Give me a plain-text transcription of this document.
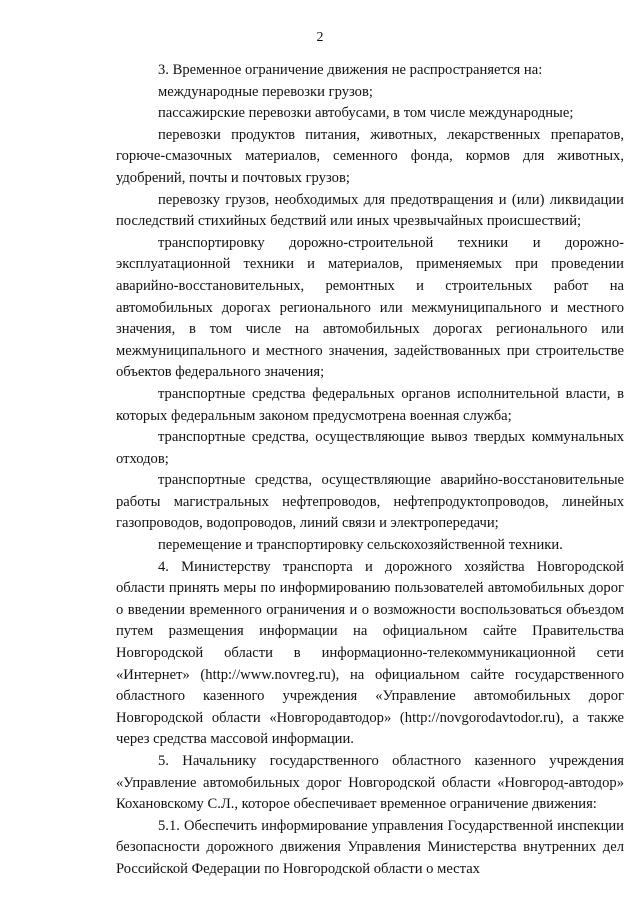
2

3. Временное ограничение движения не распространяется на:

международные перевозки грузов;

пассажирские перевозки автобусами, в том числе международные;

перевозки продуктов питания, животных, лекарственных препаратов, горюче-смазочных материалов, семенного фонда, кормов для животных, удобрений, почты и почтовых грузов;

перевозку грузов, необходимых для предотвращения и (или) ликвидации последствий стихийных бедствий или иных чрезвычайных происшествий;

транспортировку дорожно-строительной техники и дорожно-эксплуатационной техники и материалов, применяемых при проведении аварийно-восстановительных, ремонтных и строительных работ на автомобильных дорогах регионального или межмуниципального и местного значения, в том числе на автомобильных дорогах регионального или межмуниципального и местного значения, задействованных при строительстве объектов федерального значения;

транспортные средства федеральных органов исполнительной власти, в которых федеральным законом предусмотрена военная служба;

транспортные средства, осуществляющие вывоз твердых коммунальных отходов;

транспортные средства, осуществляющие аварийно-восстановительные работы магистральных нефтепроводов, нефтепродуктопроводов, линейных газопроводов, водопроводов, линий связи и электропередачи;

перемещение и транспортировку сельскохозяйственной техники.

4. Министерству транспорта и дорожного хозяйства Новгородской области принять меры по информированию пользователей автомобильных дорог о введении временного ограничения и о возможности воспользоваться объездом путем размещения информации на официальном сайте Правительства Новгородской области в информационно-телекоммуникационной сети «Интернет» (http://www.novreg.ru), на официальном сайте государственного областного казенного учреждения «Управление автомобильных дорог Новгородской области «Новгородавтодор» (http://novgorodavtodor.ru), а также через средства массовой информации.

5. Начальнику государственного областного казенного учреждения «Управление автомобильных дорог Новгородской области «Новгород-автодор» Кохановскому С.Л., которое обеспечивает временное ограничение движения:

5.1. Обеспечить информирование управления Государственной инспекции безопасности дорожного движения Управления Министерства внутренних дел Российской Федерации по Новгородской области о местах
